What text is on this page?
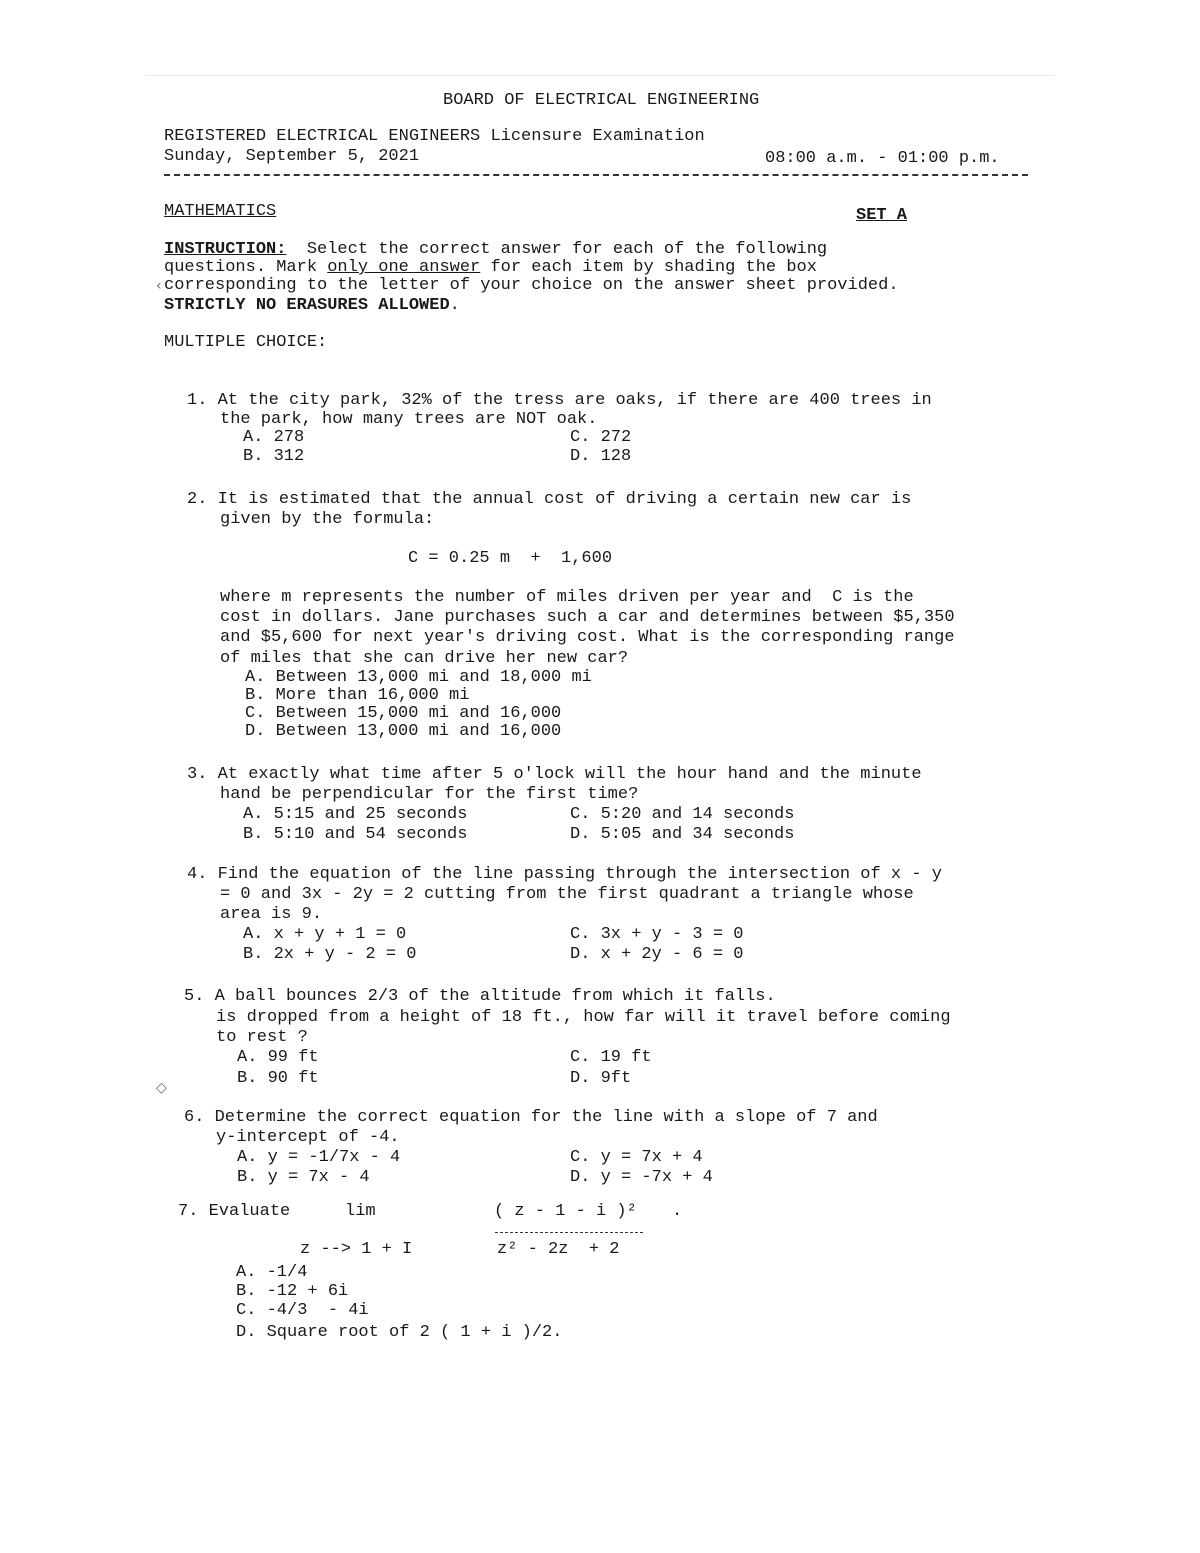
BOARD OF ELECTRICAL ENGINEERING
REGISTERED ELECTRICAL ENGINEERS Licensure Examination
Sunday, September 5, 2021	08:00 a.m. - 01:00 p.m.
MATHEMATICS	SET A
INSTRUCTION: Select the correct answer for each of the following
questions. Mark only one answer for each item by shading the box
‹ corresponding to the letter of your choice on the answer sheet provided.
STRICTLY NO ERASURES ALLOWED.
MULTIPLE CHOICE:
1. At the city park, 32% of the tress are oaks, if there are 400 trees in
the park, how many trees are NOT oak.
A. 278	C. 272
B. 312	D. 128
2. It is estimated that the annual cost of driving a certain new car is
given by the formula:
C = 0.25 m  +  1,600
where m represents the number of miles driven per year and  C is the
cost in dollars. Jane purchases such a car and determines between $5,350
and $5,600 for next year's driving cost. What is the corresponding range
of miles that she can drive her new car?
A. Between 13,000 mi and 18,000 mi
B. More than 16,000 mi
C. Between 15,000 mi and 16,000
D. Between 13,000 mi and 16,000
3. At exactly what time after 5 o'lock will the hour hand and the minute
hand be perpendicular for the first time?
A. 5:15 and 25 seconds	C. 5:20 and 14 seconds
B. 5:10 and 54 seconds	D. 5:05 and 34 seconds
4. Find the equation of the line passing through the intersection of x - y
= 0 and 3x - 2y = 2 cutting from the first quadrant a triangle whose
area is 9.
A. x + y + 1 = 0	C. 3x + y - 3 = 0
B. 2x + y - 2 = 0	D. x + 2y - 6 = 0
5. A ball bounces 2/3 of the altitude from which it falls.
is dropped from a height of 18 ft., how far will it travel before coming
to rest ?
A. 99 ft	C. 19 ft
B. 90 ft	D. 9ft
◇
6. Determine the correct equation for the line with a slope of 7 and
y-intercept of -4.
A. y = -1/7x - 4	C. y = 7x + 4
B. y = 7x - 4	D. y = -7x + 4
7. Evaluate	lim	( z - 1 - i )² .
z --> 1 + I	z² - 2z  + 2
A. -1/4
B. -12 + 6i
C. -4/3  - 4i
D. Square root of 2 ( 1 + i )/2.
